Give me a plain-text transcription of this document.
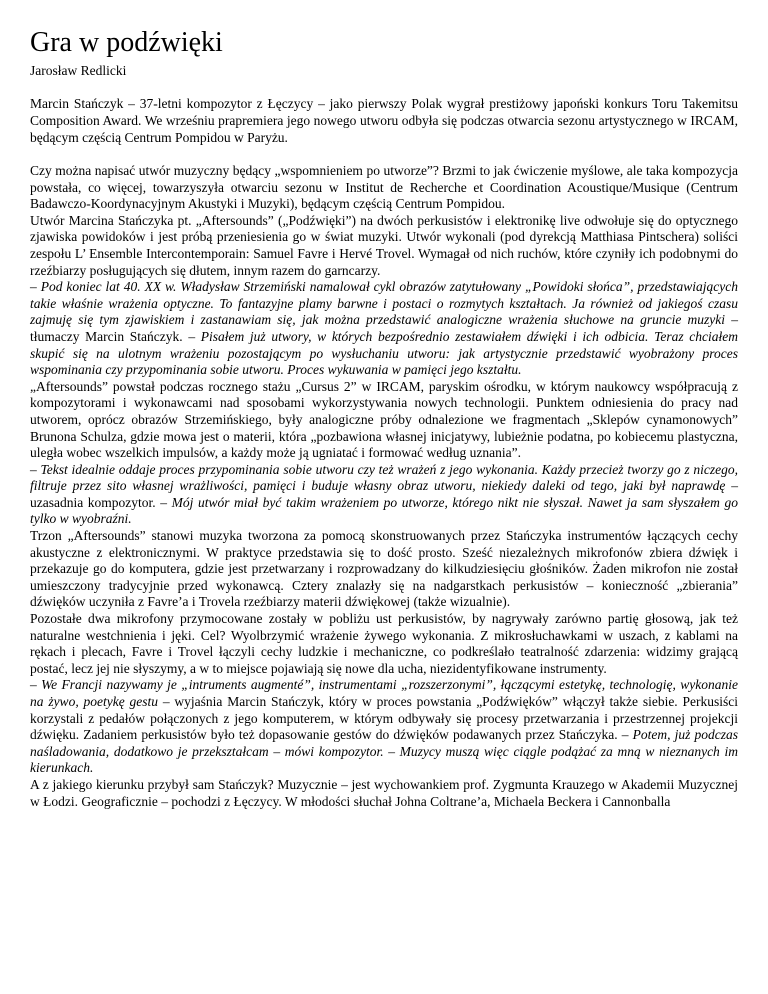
Gra w podźwięki
Jarosław Redlicki
Marcin Stańczyk – 37-letni kompozytor z Łęczycy – jako pierwszy Polak wygrał prestiżowy japoński konkurs Toru Takemitsu Composition Award. We wrześniu prapremiera jego nowego utworu odbyła się podczas otwarcia sezonu artystycznego w IRCAM, będącym częścią Centrum Pompidou w Paryżu.

Czy można napisać utwór muzyczny będący „wspomnieniem po utworze”? Brzmi to jak ćwiczenie myślowe, ale taka kompozycja powstała, co więcej, towarzyszyła otwarciu sezonu w Institut de Recherche et Coordination Acoustique/Musique (Centrum Badawczo-Koordynacyjnym Akustyki i Muzyki), będącym częścią Centrum Pompidou.

Utwór Marcina Stańczyka pt. „Aftersounds” („Podźwięki”) na dwóch perkusistów i elektronikę live odwołuje się do optycznego zjawiska powidoków i jest próbą przeniesienia go w świat muzyki. Utwór wykonali (pod dyrekcją Matthiasa Pintschera) soliści zespołu L’ Ensemble Intercontemporain: Samuel Favre i Hervé Trovel. Wymagał od nich ruchów, które czyniły ich podobnymi do rzeźbiarzy posługujących się dłutem, innym razem do garncarzy.

– Pod koniec lat 40. XX w. Władysław Strzemiński namalował cykl obrazów zatytułowany „Powidoki słońca”, przedstawiających takie właśnie wrażenia optyczne. To fantazyjne plamy barwne i postaci o rozmytych kształtach. Ja również od jakiegoś czasu zajmuję się tym zjawiskiem i zastanawiam się, jak można przedstawić analogiczne wrażenia słuchowe na gruncie muzyki – tłumaczy Marcin Stańczyk. – Pisałem już utwory, w których bezpośrednio zestawiałem dźwięki i ich odbicia. Teraz chciałem skupić się na ulotnym wrażeniu pozostającym po wysłuchaniu utworu: jak artystycznie przedstawić wyobrażony proces wspominania czy przypominania sobie utworu. Proces wykuwania w pamięci jego kształtu.

„Aftersounds” powstał podczas rocznego stażu „Cursus 2” w IRCAM, paryskim ośrodku, w którym naukowcy współpracują z kompozytorami i wykonawcami nad sposobami wykorzystywania nowych technologii. Punktem odniesienia do pracy nad utworem, oprócz obrazów Strzemińskiego, były analogiczne próby odnalezione we fragmentach „Sklepów cynamonowych” Brunona Schulza, gdzie mowa jest o materii, która „pozbawiona własnej inicjatywy, lubieżnie podatna, po kobiecemu plastyczna, uległa wobec wszelkich impulsów, a każdy może ją ugniatać i formować według uznania”.

– Tekst idealnie oddaje proces przypominania sobie utworu czy też wrażeń z jego wykonania. Każdy przecież tworzy go z niczego, filtruje przez sito własnej wrażliwości, pamięci i buduje własny obraz utworu, niekiedy daleki od tego, jaki był naprawdę – uzasadnia kompozytor. – Mój utwór miał być takim wrażeniem po utworze, którego nikt nie słyszał. Nawet ja sam słyszałem go tylko w wyobraźni.

Trzon „Aftersounds” stanowi muzyka tworzona za pomocą skonstruowanych przez Stańczyka instrumentów łączących cechy akustyczne z elektronicznymi. W praktyce przedstawia się to dość prosto. Sześć niezależnych mikrofonów zbiera dźwięk i przekazuje go do komputera, gdzie jest przetwarzany i rozprowadzany do kilkudziesięciu głośników. Żaden mikrofon nie został umieszczony tradycyjnie przed wykonawcą. Cztery znalazły się na nadgarstkach perkusistów – konieczność „zbierania” dźwięków uczyniła z Favre’a i Trovela rzeźbiarzy materii dźwiękowej (także wizualnie).

Pozostałe dwa mikrofony przymocowane zostały w pobliżu ust perkusistów, by nagrywały zarówno partię głosową, jak też naturalne westchnienia i jęki. Cel? Wyolbrzymić wrażenie żywego wykonania. Z mikrosłuchawkami w uszach, z kablami na rękach i plecach, Favre i Trovel łączyli cechy ludzkie i mechaniczne, co podkreślało teatralność zdarzenia: widzimy grającą postać, lecz jej nie słyszymy, a w to miejsce pojawiają się nowe dla ucha, niezidentyfikowane instrumenty.

– We Francji nazywamy je „intruments augmenté”, instrumentami „rozszerzonymi”, łączącymi estetykę, technologię, wykonanie na żywo, poetykę gestu – wyjaśnia Marcin Stańczyk, który w proces powstania „Podźwięków” włączył także siebie. Perkusiści korzystali z pedałów połączonych z jego komputerem, w którym odbywały się procesy przetwarzania i przestrzennej projekcji dźwięku. Zadaniem perkusistów było też dopasowanie gestów do dźwięków podawanych przez Stańczyka. – Potem, już podczas naśladowania, dodatkowo je przekształcam – mówi kompozytor. – Muzycy muszą więc ciągle podążać za mną w nieznanych im kierunkach.

A z jakiego kierunku przybył sam Stańczyk? Muzycznie – jest wychowankiem prof. Zygmunta Krauzego w Akademii Muzycznej w Łodzi. Geograficznie – pochodzi z Łęczycy. W młodości słuchał Johna Coltrane’a, Michaela Beckera i Cannonballa
